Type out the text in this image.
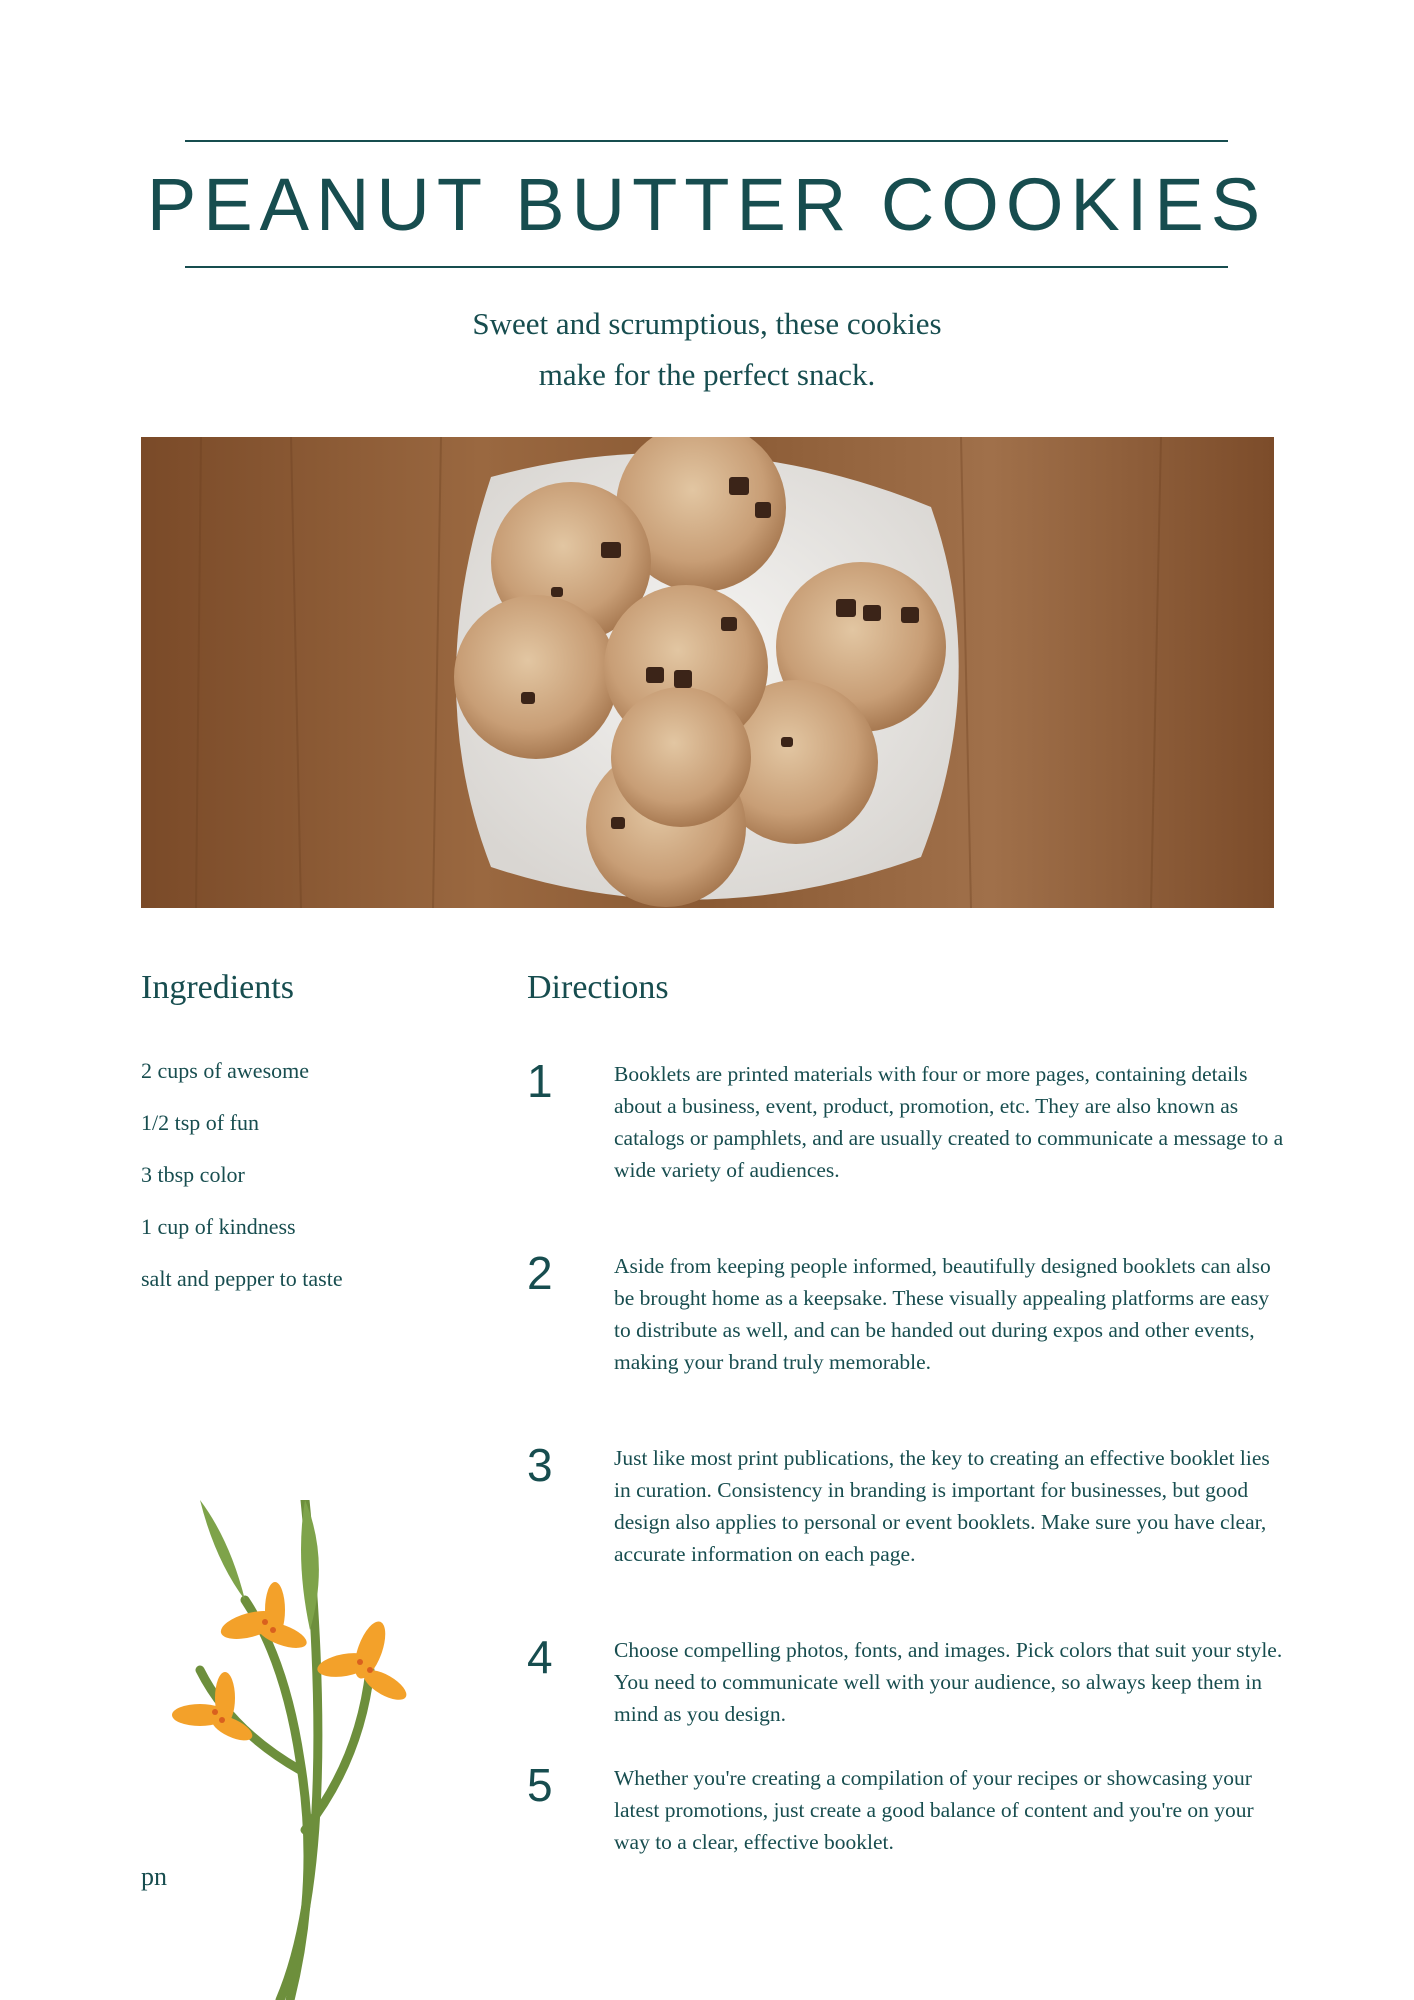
PEANUT BUTTER COOKIES
Sweet and scrumptious, these cookies
make for the perfect snack.
Ingredients
2 cups of awesome
1/2 tsp of fun
3 tbsp color
1 cup of kindness
salt and pepper to taste
Directions
1	Booklets are printed materials with four or more pages, containing details about a business, event, product, promotion, etc. They are also known as catalogs or pamphlets, and are usually created to communicate a message to a wide variety of audiences.
2	Aside from keeping people informed, beautifully designed booklets can also be brought home as a keepsake. These visually appealing platforms are easy to distribute as well, and can be handed out during expos and other events, making your brand truly memorable.
3	Just like most print publications, the key to creating an effective booklet lies in curation. Consistency in branding is important for businesses, but good design also applies to personal or event booklets. Make sure you have clear, accurate information on each page.
4	Choose compelling photos, fonts, and images. Pick colors that suit your style. You need to communicate well with your audience, so always keep them in mind as you design.
5	Whether you're creating a compilation of your recipes or showcasing your latest promotions, just create a good balance of content and you're on your way to a clear, effective booklet.
pn
